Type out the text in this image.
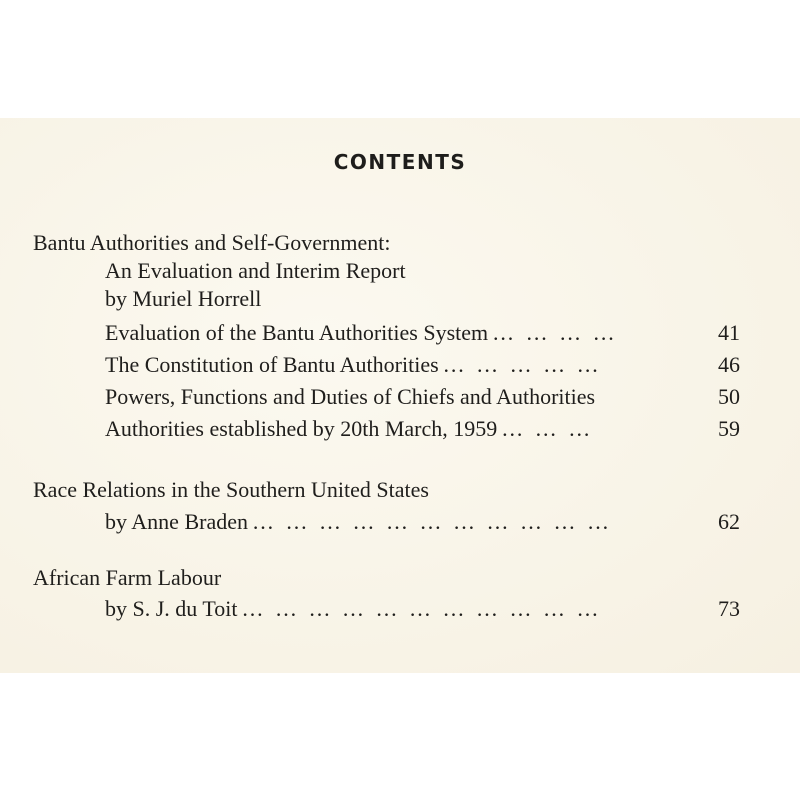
CONTENTS
Bantu Authorities and Self-Government:
An Evaluation and Interim Report
by Muriel Horrell
Evaluation of the Bantu Authorities System … … … …	41
The Constitution of Bantu Authorities … … … … …	46
Powers, Functions and Duties of Chiefs and Authorities	50
Authorities established by 20th March, 1959 … … …	59
Race Relations in the Southern United States
by Anne Braden … … … … … … … … … … …	62
African Farm Labour
by S. J. du Toit … … … … … … … … … … …	73
